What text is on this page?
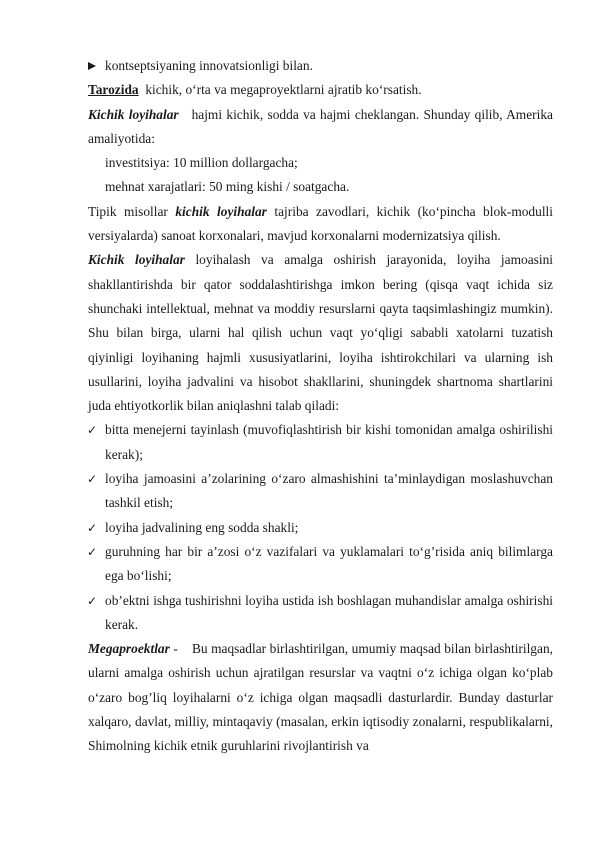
kontseptsiyaning innovatsionligi bilan.

Tarozida kichik, o‘rta va megaproyektlarni ajratib ko‘rsatish.

Kichik loyihalar hajmi kichik, sodda va hajmi cheklangan. Shunday qilib, Amerika amaliyotida:

investitsiya: 10 million dollargacha;

mehnat xarajatlari: 50 ming kishi / soatgacha.

Tipik misollar kichik loyihalar tajriba zavodlari, kichik (ko‘pincha blok-modulli versiyalarda) sanoat korxonalari, mavjud korxonalarni modernizatsiya qilish.

Kichik loyihalar loyihalash va amalga oshirish jarayonida, loyiha jamoasini shakllantirishda bir qator soddalashtirishga imkon bering (qisqa vaqt ichida siz shunchaki intellektual, mehnat va moddiy resurslarni qayta taqsimlashingiz mumkin). Shu bilan birga, ularni hal qilish uchun vaqt yo‘qligi sababli xatolarni tuzatish qiyinligi loyihaning hajmli xususiyatlarini, loyiha ishtirokchilari va ularning ish usullarini, loyiha jadvalini va hisobot shakllarini, shuningdek shartnoma shartlarini juda ehtiyotkorlik bilan aniqlashni talab qiladi:

✓ bitta menejerni tayinlash (muvofiqlashtirish bir kishi tomonidan amalga oshirilishi kerak);

✓ loyiha jamoasini a’zolarining o‘zaro almashishini ta’minlaydigan moslashuvchan tashkil etish;

✓ loyiha jadvalining eng sodda shakli;

✓ guruhning har bir a’zosi o‘z vazifalari va yuklamalari to‘g’risida aniq bilimlarga ega bo‘lishi;

✓ ob’ektni ishga tushirishni loyiha ustida ish boshlagan muhandislar amalga oshirishi kerak.

Megaproektlar - Bu maqsadlar birlashtirilgan, umumiy maqsad bilan birlashtirilgan, ularni amalga oshirish uchun ajratilgan resurslar va vaqtni o‘z ichiga olgan ko‘plab o‘zaro bog’liq loyihalarni o‘z ichiga olgan maqsadli dasturlardir. Bunday dasturlar xalqaro, davlat, milliy, mintaqaviy (masalan, erkin iqtisodiy zonalarni, respublikalarni, Shimolning kichik etnik guruhlarini rivojlantirish va
